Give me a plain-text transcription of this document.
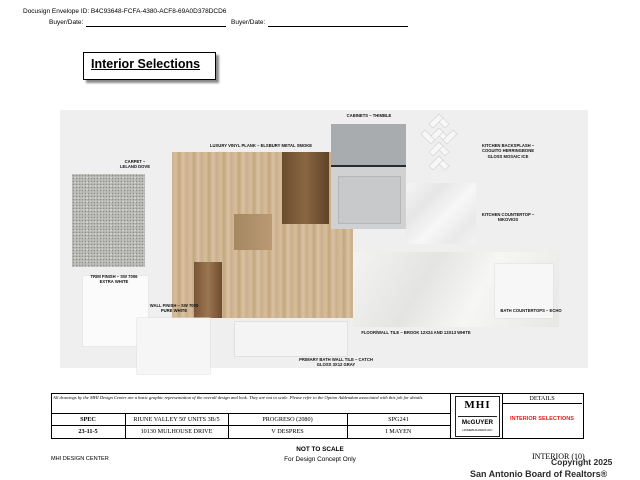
Docusign Envelope ID: B4C93648-FCFA-4380-ACF8-69A0D378DCD6
Buyer/Date:	Buyer/Date:
Interior Selections
LUXURY VINYL PLANK – ELSBURY METAL SMOKE
CABINETS – THIMBLE
KITCHEN BACKSPLASH – COGUITO HERRINGBONE GLOSS MOSAIC ICE
CARPET – LELAND DOVE
KITCHEN COUNTERTOP – NIKOVIOS
TRIM FINISH – SW 7006 EXTRA WHITE
WALL FINISH – SW 7005 PURE WHITE	BATH COUNTERTOPS – ECHO
FLOOR/WALL TILE – BROOK 12X24 AND 13X13 WHITE
PRIMARY BATH WALL TILE – CATCH GLOSS 3X12 GRAY
All drawings by the MHI Design Center are a basic graphic representation of the overall design and look. They are not to scale. Please refer to the Option Addendum associated with this job for details.
SPEC	RIUNE VALLEY 50' UNITS 3B/5	PROGRESO (2080)	SPG241
23-11-5	10130 MULHOUSE DRIVE	V DESPRES	I MAYEN
MHI
McGUYER
HOMEBUILDERS INC
DETAILS
INTERIOR SELECTIONS
MHI DESIGN CENTER
NOT TO SCALE
For Design Concept Only	INTERIOR (10)
Copyright 2025
San Antonio Board of Realtors®
